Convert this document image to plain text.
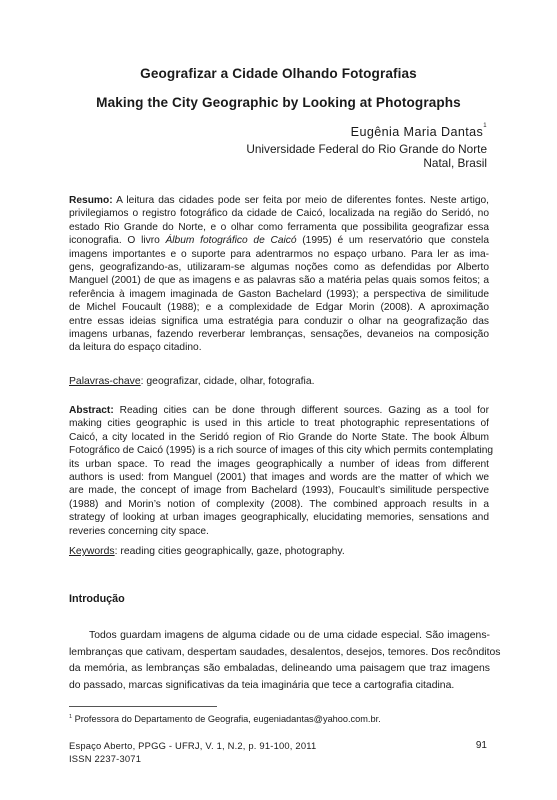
Geografizar a Cidade Olhando Fotografias
Making the City Geographic by Looking at Photographs
Eugênia Maria Dantas$^1$
Universidade Federal do Rio Grande do Norte
Natal, Brasil
Resumo: A leitura das cidades pode ser feita por meio de diferentes fontes. Neste artigo,
privilegiamos o registro fotográfico da cidade de Caicó, localizada na região do Seridó, no
estado Rio Grande do Norte, e o olhar como ferramenta que possibilita geografizar essa
iconografia. O livro Álbum fotográfico de Caicó (1995) é um reservatório que constela
imagens importantes e o suporte para adentrarmos no espaço urbano. Para ler as ima-
gens, geografizando-as, utilizaram-se algumas noções como as defendidas por Alberto
Manguel (2001) de que as imagens e as palavras são a matéria pelas quais somos feitos; a
referência à imagem imaginada de Gaston Bachelard (1993); a perspectiva de similitude
de Michel Foucault (1988); e a complexidade de Edgar Morin (2008). A aproximação
entre essas ideias significa uma estratégia para conduzir o olhar na geografização das
imagens urbanas, fazendo reverberar lembranças, sensações, devaneios na composição
da leitura do espaço citadino.
Palavras-chave: geografizar, cidade, olhar, fotografia.
Abstract: Reading cities can be done through different sources. Gazing as a tool for
making cities geographic is used in this article to treat photographic representations of
Caicó, a city located in the Seridó region of Rio Grande do Norte State. The book Álbum
Fotográfico de Caicó (1995) is a rich source of images of this city which permits contemplating
its urban space. To read the images geographically a number of ideas from different
authors is used: from Manguel (2001) that images and words are the matter of which we
are made, the concept of image from Bachelard (1993), Foucault’s similitude perspective
(1988) and Morin’s notion of complexity (2008). The combined approach results in a
strategy of looking at urban images geographically, elucidating memories, sensations and
reveries concerning city space.
Keywords: reading cities geographically, gaze, photography.
Introdução
Todos guardam imagens de alguma cidade ou de uma cidade especial. São imagens-
lembranças que cativam, despertam saudades, desalentos, desejos, temores. Dos recônditos
da memória, as lembranças são embaladas, delineando uma paisagem que traz imagens
do passado, marcas significativas da teia imaginária que tece a cartografia citadina.
$^1$ Professora do Departamento de Geografia, eugeniadantas@yahoo.com.br.
Espaço Aberto, PPGG - UFRJ, V. 1, N.2, p. 91-100, 2011
ISSN 2237-3071
91
